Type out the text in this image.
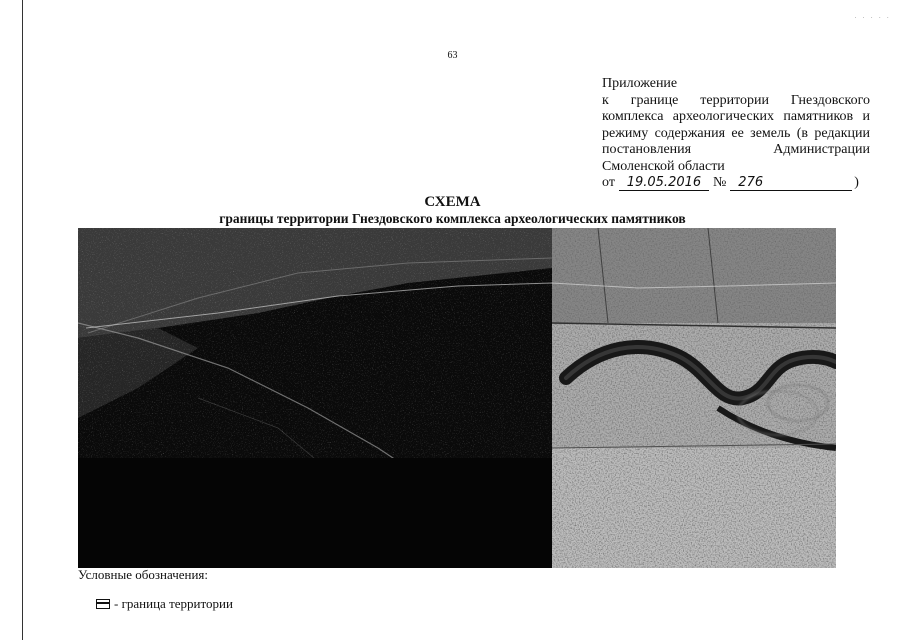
· · · · ·
63
Приложение
к границе территории Гнездовского
комплекса археологических памятников и
режиму содержания ее земель (в редакции
постановления	Администрации
Смоленской области
от 19.05.2016 № 276	)
СХЕМА
границы территории Гнездовского комплекса археологических памятников
Условные обозначения:
- граница территории
